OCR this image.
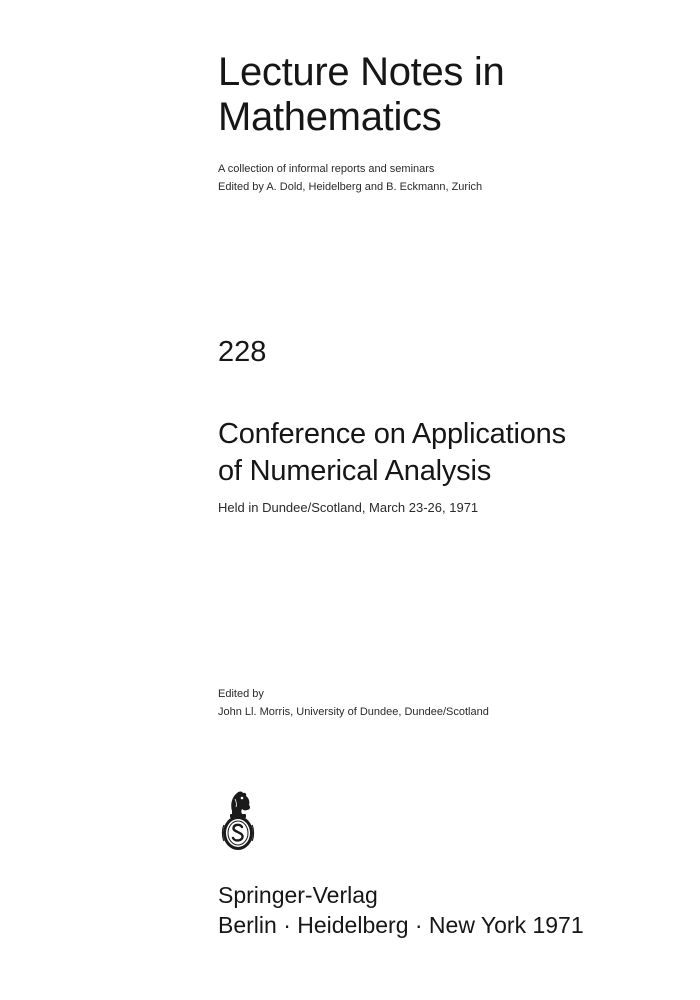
Lecture Notes in
Mathematics
A collection of informal reports and seminars
Edited by A. Dold, Heidelberg and B. Eckmann, Zurich
228
Conference on Applications
of Numerical Analysis
Held in Dundee/Scotland, March 23-26, 1971
Edited by
John Ll. Morris, University of Dundee, Dundee/Scotland
Springer-Verlag
Berlin · Heidelberg · New York 1971
